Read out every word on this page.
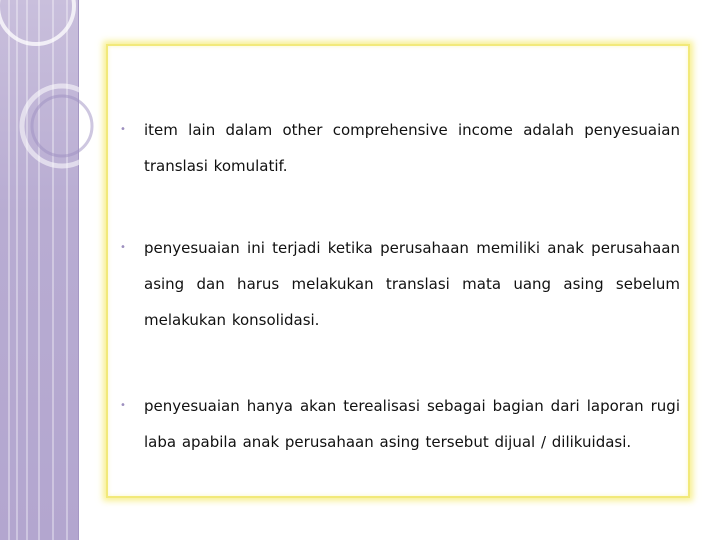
• item lain dalam other comprehensive income adalah penyesuaian translasi komulatif.
• penyesuaian ini terjadi ketika perusahaan memiliki anak perusahaan asing dan harus melakukan translasi mata uang asing sebelum melakukan konsolidasi.
• penyesuaian hanya akan terealisasi sebagai bagian dari laporan rugi laba apabila anak perusahaan asing tersebut dijual / dilikuidasi.
